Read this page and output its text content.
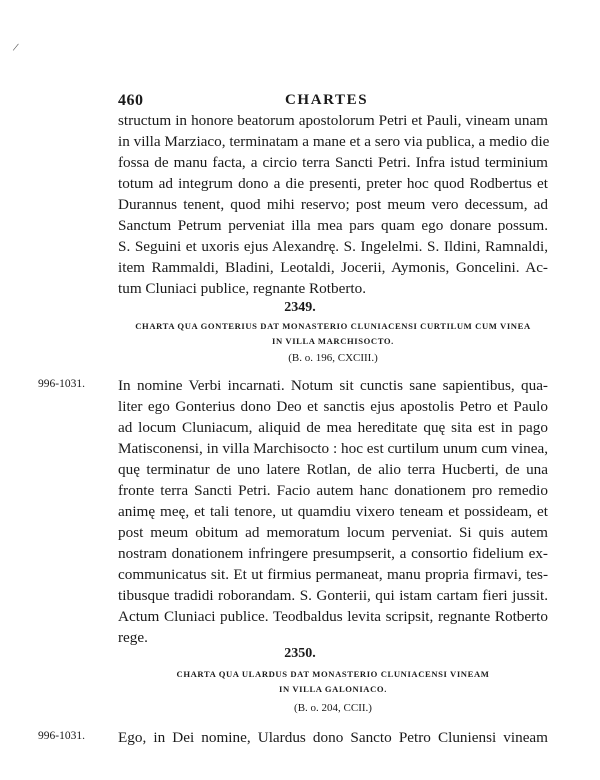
/
460	CHARTES
structum in honore beatorum apostolorum Petri et Pauli, vineam unam
in villa Marziaco, terminatam a mane et a sero via publica, a medio die
fossa de manu facta, a circio terra Sancti Petri. Infra istud terminium
totum ad integrum dono a die presenti, preter hoc quod Rodbertus et
Durannus tenent, quod mihi reservo; post meum vero decessum, ad
Sanctum Petrum perveniat illa mea pars quam ego donare possum.
S. Seguini et uxoris ejus Alexandrę. S. Ingelelmi. S. Ildini, Ramnaldi,
item Rammaldi, Bladini, Leotaldi, Jocerii, Aymonis, Goncelini. Ac-
tum Cluniaci publice, regnante Rotberto.
2349.
CHARTA QUA GONTERIUS DAT MONASTERIO CLUNIACENSI CURTILUM CUM VINEA
IN VILLA MARCHISOCTO.
(B. o. 196, CXCIII.)
996-1031. In nomine Verbi incarnati. Notum sit cunctis sane sapientibus, qua-
liter ego Gonterius dono Deo et sanctis ejus apostolis Petro et Paulo
ad locum Cluniacum, aliquid de mea hereditate quę sita est in pago
Matisconensi, in villa Marchisocto : hoc est curtilum unum cum vinea,
quę terminatur de uno latere Rotlan, de alio terra Hucberti, de una
fronte terra Sancti Petri. Facio autem hanc donationem pro remedio
animę meę, et tali tenore, ut quamdiu vixero teneam et possideam, et
post meum obitum ad memoratum locum perveniat. Si quis autem
nostram donationem infringere presumpserit, a consortio fidelium ex-
communicatus sit. Et ut firmius permaneat, manu propria firmavi, tes-
tibusque tradidi roborandam. S. Gonterii, qui istam cartam fieri jussit.
Actum Cluniaci publice. Teodbaldus levita scripsit, regnante Rotberto
rege.
2350.
CHARTA QUA ULARDUS DAT MONASTERIO CLUNIACENSI VINEAM
IN VILLA GALONIACO.
(B. o. 204, CCII.)
996-1031. Ego, in Dei nomine, Ulardus dono Sancto Petro Cluniensi vineam
